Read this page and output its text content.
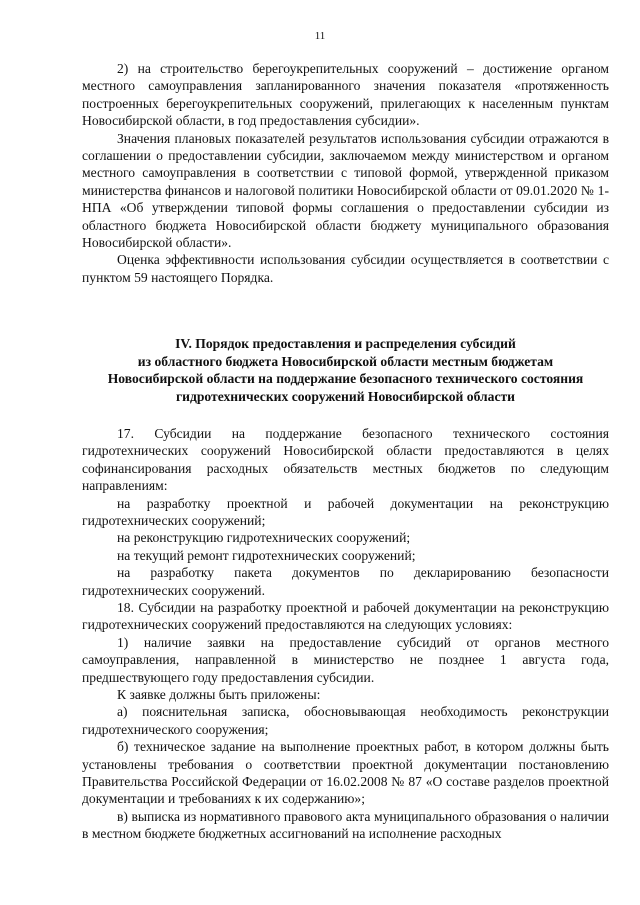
11

2) на строительство берегоукрепительных сооружений – достижение органом местного самоуправления запланированного значения показателя «протяженность построенных берегоукрепительных сооружений, прилегающих к населенным пунктам Новосибирской области, в год предоставления субсидии».

Значения плановых показателей результатов использования субсидии отражаются в соглашении о предоставлении субсидии, заключаемом между министерством и органом местного самоуправления в соответствии с типовой формой, утвержденной приказом министерства финансов и налоговой политики Новосибирской области от 09.01.2020 № 1-НПА «Об утверждении типовой формы соглашения о предоставлении субсидии из областного бюджета Новосибирской области бюджету муниципального образования Новосибирской области».

Оценка эффективности использования субсидии осуществляется в соответствии с пунктом 59 настоящего Порядка.

IV. Порядок предоставления и распределения субсидий
из областного бюджета Новосибирской области местным бюджетам
Новосибирской области на поддержание безопасного технического состояния
гидротехнических сооружений Новосибирской области

17. Субсидии на поддержание безопасного технического состояния гидротехнических сооружений Новосибирской области предоставляются в целях софинансирования расходных обязательств местных бюджетов по следующим направлениям:

на разработку проектной и рабочей документации на реконструкцию гидротехнических сооружений;

на реконструкцию гидротехнических сооружений;

на текущий ремонт гидротехнических сооружений;

на разработку пакета документов по декларированию безопасности гидротехнических сооружений.

18. Субсидии на разработку проектной и рабочей документации на реконструкцию гидротехнических сооружений предоставляются на следующих условиях:

1) наличие заявки на предоставление субсидий от органов местного самоуправления, направленной в министерство не позднее 1 августа года, предшествующего году предоставления субсидии.

К заявке должны быть приложены:

а) пояснительная записка, обосновывающая необходимость реконструкции гидротехнического сооружения;

б) техническое задание на выполнение проектных работ, в котором должны быть установлены требования о соответствии проектной документации постановлению Правительства Российской Федерации от 16.02.2008 № 87 «О составе разделов проектной документации и требованиях к их содержанию»;

в) выписка из нормативного правового акта муниципального образования о наличии в местном бюджете бюджетных ассигнований на исполнение расходных
